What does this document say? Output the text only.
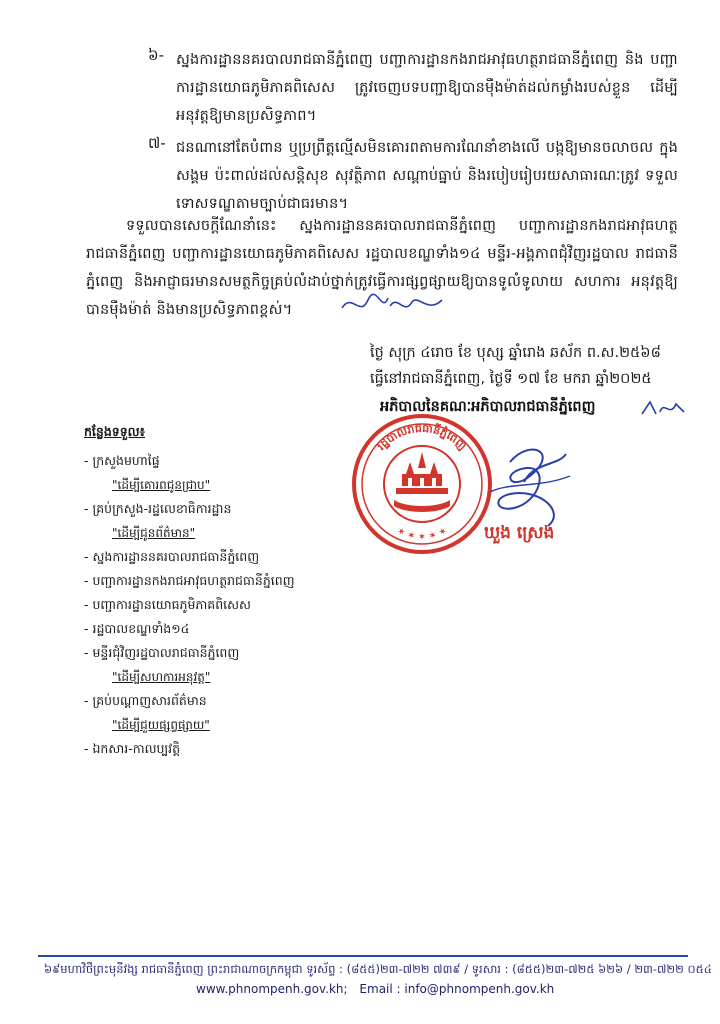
៦- ស្នងការដ្ឋាននគរបាលរាជធានីភ្នំពេញ បញ្ជាការដ្ឋានកងរាជអាវុធហត្ថរាជធានីភ្នំពេញ និង បញ្ជាការដ្ឋានយោធភូមិភាគពិសេស ត្រូវចេញបទបញ្ជាឱ្យបានម៉ឺងម៉ាត់ដល់កម្លាំងរបស់ខ្លួន ដើម្បីអនុវត្តឱ្យមានប្រសិទ្ធភាព។
៧- ជនណានៅតែបំពាន ឬប្រព្រឹត្តល្មើសមិនគោរពតាមការណែនាំខាងលើ បង្កឱ្យមានចលាចល ក្នុងសង្គម ប៉ះពាល់ដល់សន្តិសុខ សុវត្ថិភាព សណ្តាប់ធ្នាប់ និងរបៀបរៀបរយសាធារណៈត្រូវ ទទួលទោសទណ្ឌតាមច្បាប់ជាធរមាន។
ទទួលបានសេចក្តីណែនាំនេះ ស្នងការដ្ឋាននគរបាលរាជធានីភ្នំពេញ បញ្ជាការដ្ឋានកងរាជអាវុធហត្ថ រាជធានីភ្នំពេញ បញ្ជាការដ្ឋានយោធភូមិភាគពិសេស រដ្ឋបាលខណ្ឌទាំង១៤ មន្ទីរ-អង្គភាពជុំវិញរដ្ឋបាល រាជធានីភ្នំពេញ និងអាជ្ញាធរមានសមត្ថកិច្ចគ្រប់លំដាប់ថ្នាក់ត្រូវធ្វើការផ្សព្វផ្សាយឱ្យបានទូលំទូលាយ សហការ អនុវត្តឱ្យបានម៉ឺងម៉ាត់ និងមានប្រសិទ្ធភាពខ្ពស់។
ថ្ងៃ សុក្រ ៤រោច ខែ បុស្ស ឆ្នាំរោង ឆស័ក ព.ស.២៥៦៨
ធ្វើនៅរាជធានីភ្នំពេញ, ថ្ងៃទី ១៧ ខែ មករា ឆ្នាំ២០២៥
អភិបាលនៃគណៈអភិបាលរាជធានីភ្នំពេញ
រដ្ឋបាលរាជធានីភ្នំពេញ
✶ ✶ ✶ ✶ ✶ ឃួង ស្រេង
កន្លែងទទួល៖
- ក្រសួងមហាផ្ទៃ
"ដើម្បីគោរពជូនជ្រាប"
- គ្រប់ក្រសួង-រដ្ឋលេខាធិការដ្ឋាន
"ដើម្បីជូនព័ត៌មាន"
- ស្នងការដ្ឋាននគរបាលរាជធានីភ្នំពេញ
- បញ្ជាការដ្ឋានកងរាជអាវុធហត្ថរាជធានីភ្នំពេញ
- បញ្ជាការដ្ឋានយោធភូមិភាគពិសេស
- រដ្ឋបាលខណ្ឌទាំង១៤
- មន្ទីរជុំវិញរដ្ឋបាលរាជធានីភ្នំពេញ
"ដើម្បីសហការអនុវត្ត"
- គ្រប់បណ្តាញសារព័ត៌មាន
"ដើម្បីជួយផ្សព្វផ្សាយ"
- ឯកសារ-កាលប្បវត្តិ
៦៩មហាវិថីព្រះមុនីវង្ស រាជធានីភ្នំពេញ ព្រះរាជាណាចក្រកម្ពុជា ទូរស័ព្ទ : (៨៥៥)២៣-៧២២ ៧៣៩ / ទូរសារ : (៨៥៥)២៣-៧២៥ ៦២៦ / ២៣-៧២២ ០៥៤
www.phnompenh.gov.kh; Email : info@phnompenh.gov.kh
